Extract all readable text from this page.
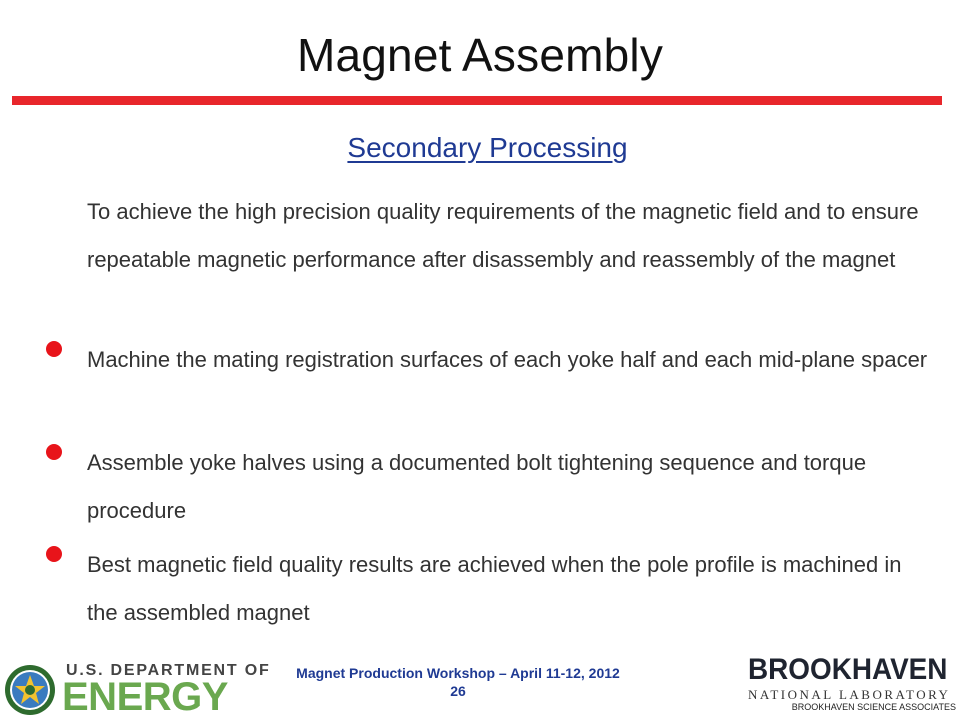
Magnet Assembly
Secondary Processing
To achieve the high precision quality requirements of the magnetic field and to ensure repeatable magnetic performance after disassembly and reassembly of the magnet
Machine the mating registration surfaces of each yoke half and each mid-plane spacer
Assemble yoke halves using a documented bolt tightening sequence and torque procedure
Best magnetic field quality results are achieved when the pole profile is machined in the assembled magnet
U.S. DEPARTMENT OF
ENERGY
Magnet Production Workshop – April 11-12, 2012
26
BROOKHAVEN
NATIONAL LABORATORY
BROOKHAVEN SCIENCE ASSOCIATES
